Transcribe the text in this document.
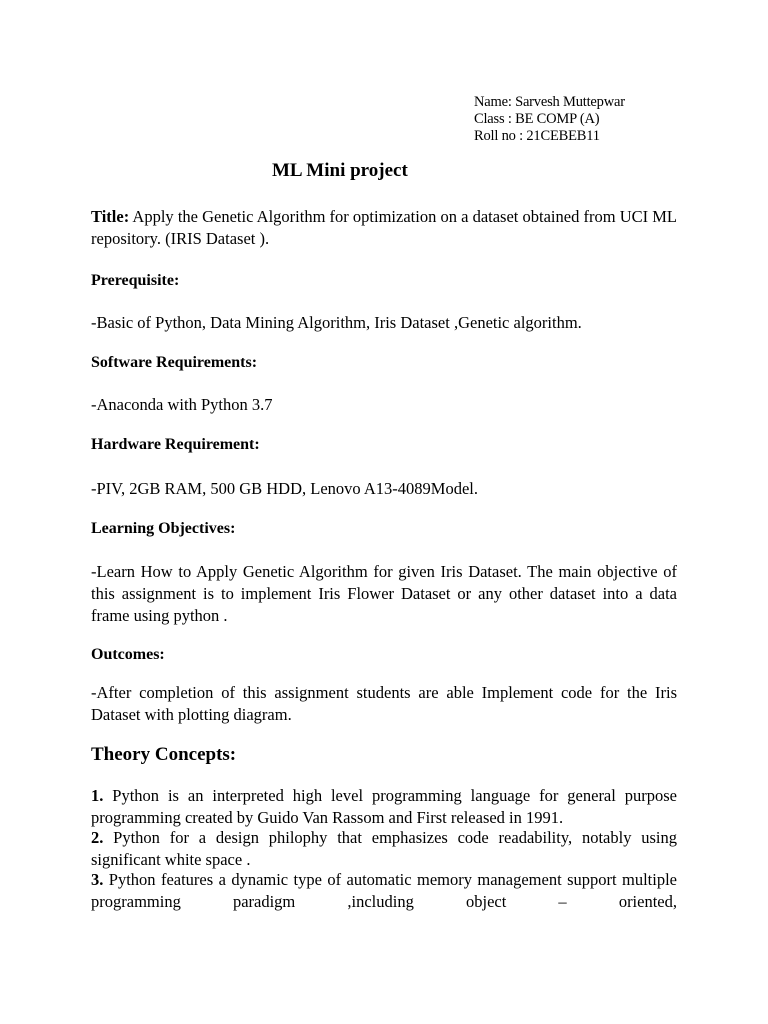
Name: Sarvesh Muttepwar
Class : BE COMP (A)
Roll no : 21CEBEB11
ML Mini project
Title: Apply the Genetic Algorithm for optimization on a dataset obtained from UCI ML repository. (IRIS Dataset ).
Prerequisite:
-Basic of Python, Data Mining Algorithm, Iris Dataset ,Genetic algorithm.
Software Requirements:
-Anaconda with Python 3.7
Hardware Requirement:
-PIV, 2GB RAM, 500 GB HDD, Lenovo A13-4089Model.
Learning Objectives:
-Learn How to Apply Genetic Algorithm for given Iris Dataset. The main objective of this assignment is to implement Iris Flower Dataset or any other dataset into a data frame using python .
Outcomes:
-After completion of this assignment students are able Implement code for the Iris Dataset with plotting diagram.
Theory Concepts:
1. Python is an interpreted high level programming language for general purpose programming created by Guido Van Rassom and First released in 1991.
2. Python for a design philophy that emphasizes code readability, notably using significant white space .
3. Python features a dynamic type of automatic memory management support multiple programming paradigm ,including object – oriented,
